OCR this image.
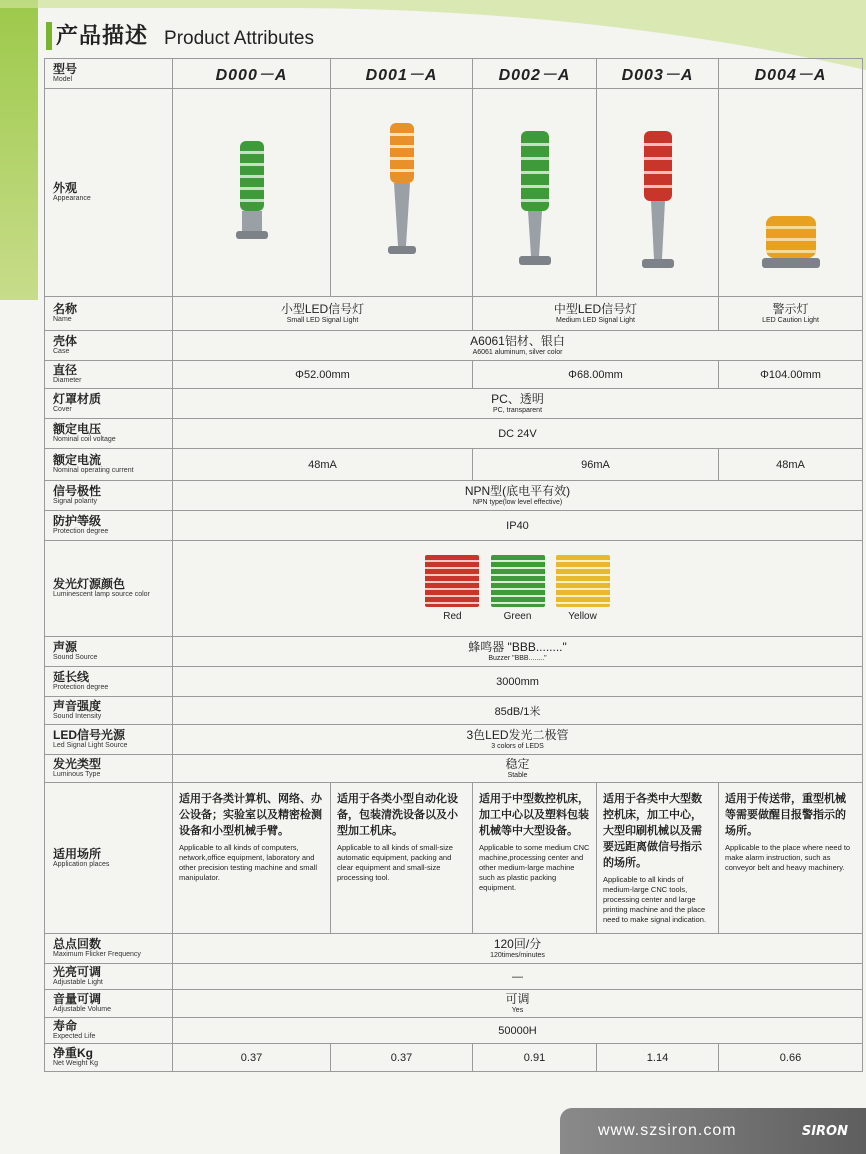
产品描述 Product Attributes
型号
Model	D000－A	D001－A	D002－A	D003－A	D004－A

外观
Appearance

名称
Name	小型LED信号灯
Small LED Signal Light		中型LED信号灯
Medium LED Signal Light		警示灯
LED Caution Light

壳体
Case	A6061铝材、银白
A6061 aluminum, silver color				

直径
Diameter	Φ52.00mm		Φ68.00mm		Φ104.00mm

灯罩材质
Cover	PC、透明
PC, transparent				

额定电压
Nominal coil voltage	DC 24V				

额定电流
Nominal operating current	48mA		96mA		48mA

信号极性
Signal polarity	NPN型(底电平有效)
NPN type(low level effective)				

防护等级
Protection degree	IP40				

发光灯源颜色
Luminescent lamp source color	Red Green Yellow				

声源
Sound Source	蜂鸣器 "BBB........"
Buzzer "BBB........"				

延长线
Protection degree	3000mm				

声音强度
Sound Intensity	85dB/1米				

LED信号光源
Led Signal Light Source	3色LED发光二极管
3 colors of LEDS				

发光类型
Luminous Type	稳定
Stable				

适用场所
Application places	适用于各类计算机、网络、办公设备；实验室以及精密检测设备和小型机械手臂。
Applicable to all kinds of computers, network,office equipment, laboratory and other precision testing machine and small manipulator.	适用于各类小型自动化设备，包装清洗设备以及小型加工机床。
Applicable to all kinds of small-size automatic equipment, packing and clear equipment and small-size processing tool.	适用于中型数控机床，加工中心以及塑料包装机械等中大型设备。
Applicable to some medium CNC machine,processing center and other medium-large machine such as plastic packing equipment.	适用于各类中大型数控机床，加工中心，大型印刷机械以及需要远距离做信号指示的场所。
Applicable to all kinds of medium-large CNC tools, processing center and large printing machine and the place need to make signal indication.	适用于传送带，重型机械等需要做醒目报警指示的场所。
Applicable to the place where need to make alarm instruction, such as conveyor belt and heavy machinery.

总点回数
Maximum Flicker Frequency	120回/分
120times/minutes				

光亮可调
Adjustable Light	—				

音量可调
Adjustable Volume	可调
Yes				

寿命
Expected Life	50000H				

净重Kg
Net Weight Kg	0.37	0.37	0.91	1.14	0.66
www.szsiron.com	SIRON
